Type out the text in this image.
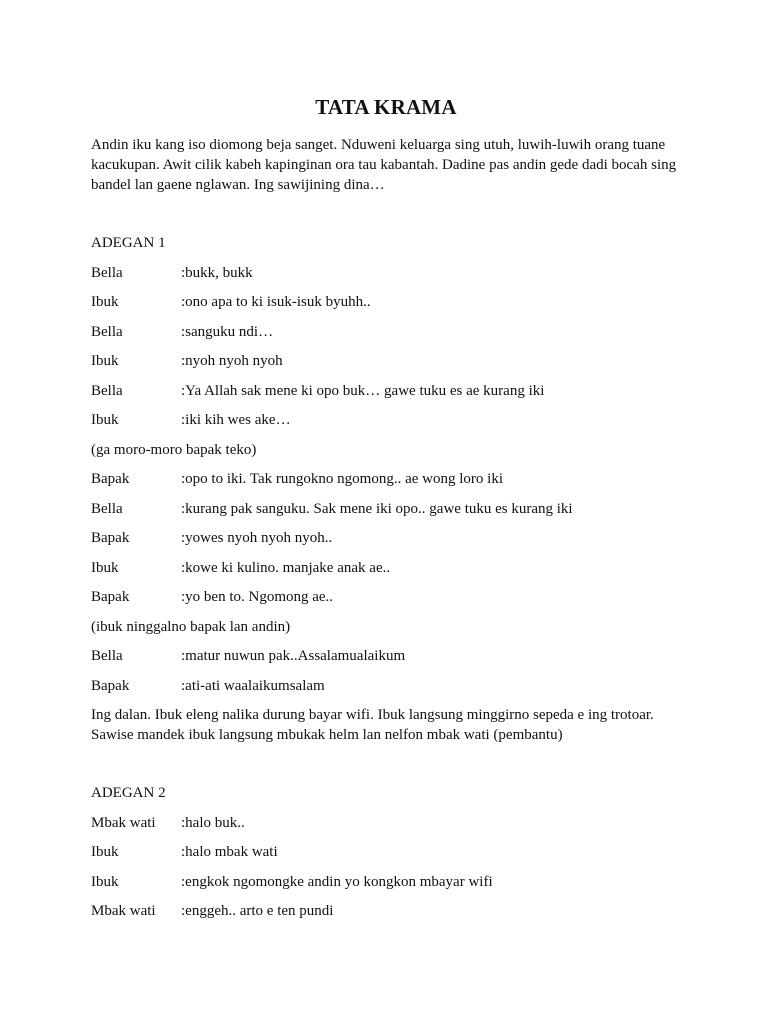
TATA KRAMA

Andin iku kang iso diomong beja sanget. Nduweni keluarga sing utuh, luwih-luwih orang tuane kacukupan. Awit cilik kabeh kapinginan ora tau kabantah. Dadine pas andin gede dadi bocah sing bandel lan gaene nglawan. Ing sawijining dina…

ADEGAN 1

Bella	:bukk, bukk
Ibuk	:ono apa to ki isuk-isuk byuhh..
Bella	:sanguku ndi…
Ibuk	:nyoh nyoh nyoh
Bella	:Ya Allah sak mene ki opo buk… gawe tuku es ae kurang iki
Ibuk	:iki kih wes ake…
(ga moro-moro bapak teko)
Bapak	:opo to iki. Tak rungokno ngomong.. ae wong loro iki
Bella	:kurang pak sanguku. Sak mene iki opo.. gawe tuku es kurang iki
Bapak	:yowes nyoh nyoh nyoh..
Ibuk	:kowe ki kulino. manjake anak ae..
Bapak	:yo ben to. Ngomong ae..
(ibuk ninggalno bapak lan andin)
Bella	:matur nuwun pak..Assalamualaikum
Bapak	:ati-ati waalaikumsalam

Ing dalan. Ibuk eleng nalika durung bayar wifi. Ibuk langsung minggirno sepeda e ing trotoar. Sawise mandek ibuk langsung mbukak helm lan nelfon mbak wati (pembantu)

ADEGAN 2

Mbak wati	:halo buk..
Ibuk	:halo mbak wati
Ibuk	:engkok ngomongke andin yo kongkon mbayar wifi
Mbak wati	:enggeh.. arto e ten pundi
